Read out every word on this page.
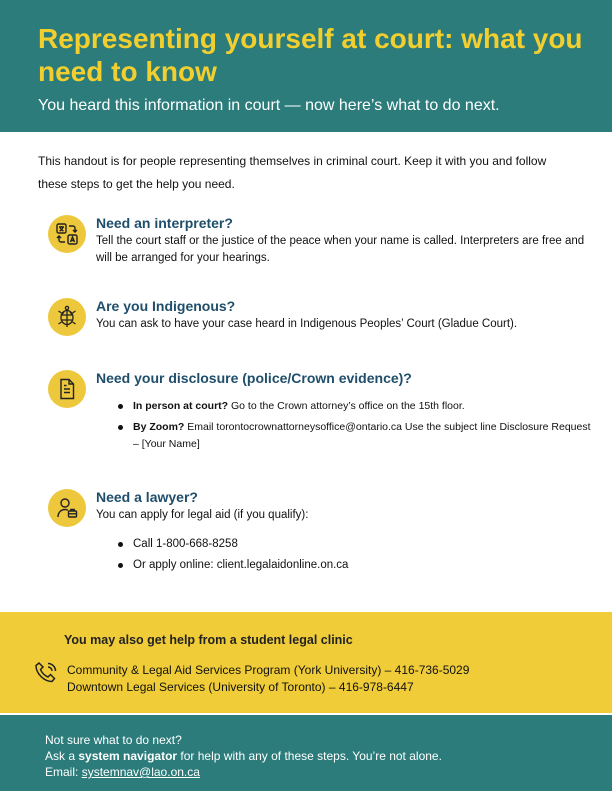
Representing yourself at court: what you need to know
You heard this information in court — now here’s what to do next.
This handout is for people representing themselves in criminal court. Keep it with you and follow these steps to get the help you need.
Need an interpreter?
Tell the court staff or the justice of the peace when your name is called. Interpreters are free and will be arranged for your hearings.
Are you Indigenous?
You can ask to have your case heard in Indigenous Peoples’ Court (Gladue Court).
Need your disclosure (police/Crown evidence)?
In person at court? Go to the Crown attorney’s office on the 15th floor.
By Zoom? Email torontocrownattorneysoffice@ontario.ca Use the subject line Disclosure Request – [Your Name]
Need a lawyer?
You can apply for legal aid (if you qualify):
Call 1-800-668-8258
Or apply online: client.legalaidonline.on.ca
You may also get help from a student legal clinic
Community & Legal Aid Services Program (York University) – 416-736-5029
Downtown Legal Services (University of Toronto) – 416-978-6447
Not sure what to do next?
Ask a system navigator for help with any of these steps. You’re not alone.
Email: systemnav@lao.on.ca
